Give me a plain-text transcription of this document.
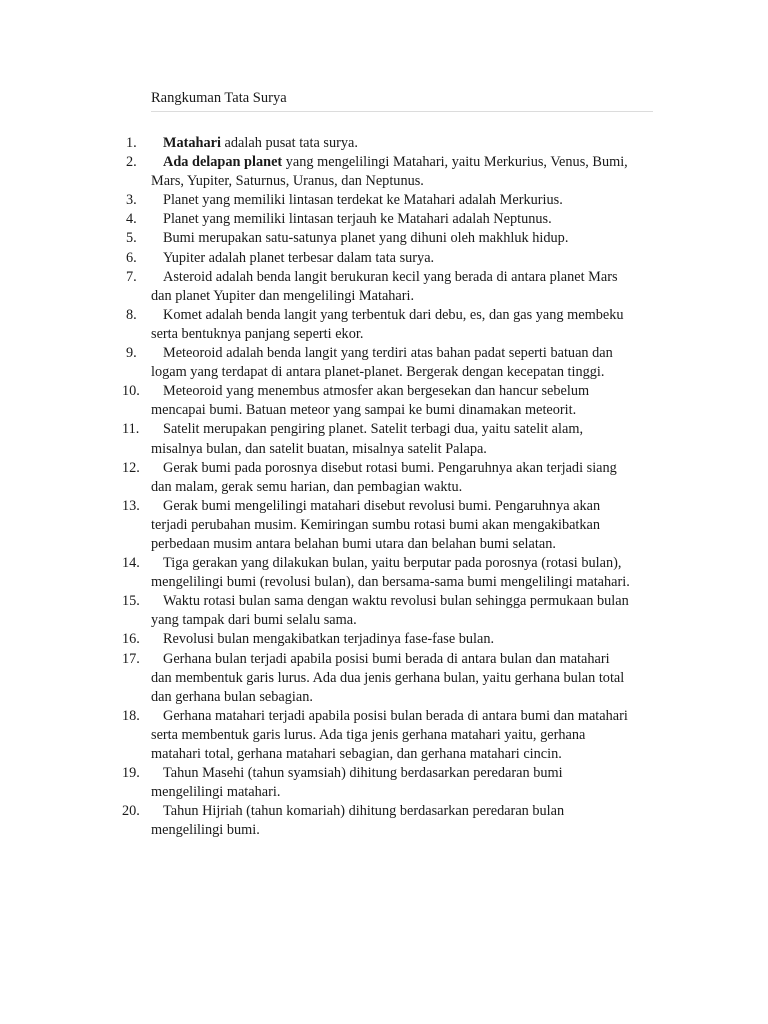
Rangkuman Tata Surya
1.	Matahari adalah pusat tata surya.
2.	Ada delapan planet yang mengelilingi Matahari, yaitu Merkurius, Venus, Bumi, Mars, Yupiter, Saturnus, Uranus, dan Neptunus.
3.	Planet yang memiliki lintasan terdekat ke Matahari adalah Merkurius.
4.	Planet yang memiliki lintasan terjauh ke Matahari adalah Neptunus.
5.	Bumi merupakan satu-satunya planet yang dihuni oleh makhluk hidup.
6.	Yupiter adalah planet terbesar dalam tata surya.
7.	Asteroid adalah benda langit berukuran kecil yang berada di antara planet Mars dan planet Yupiter dan mengelilingi Matahari.
8.	Komet adalah benda langit yang terbentuk dari debu, es, dan gas yang membeku serta bentuknya panjang seperti ekor.
9.	Meteoroid adalah benda langit yang terdiri atas bahan padat seperti batuan dan logam yang terdapat di antara planet-planet. Bergerak dengan kecepatan tinggi.
10.	Meteoroid yang menembus atmosfer akan bergesekan dan hancur sebelum mencapai bumi. Batuan meteor yang sampai ke bumi dinamakan meteorit.
11.	Satelit merupakan pengiring planet. Satelit terbagi dua, yaitu satelit alam, misalnya bulan, dan satelit buatan, misalnya satelit Palapa.
12.	Gerak bumi pada porosnya disebut rotasi bumi. Pengaruhnya akan terjadi siang dan malam, gerak semu harian, dan pembagian waktu.
13.	Gerak bumi mengelilingi matahari disebut revolusi bumi. Pengaruhnya akan terjadi perubahan musim. Kemiringan sumbu rotasi bumi akan mengakibatkan perbedaan musim antara belahan bumi utara dan belahan bumi selatan.
14.	Tiga gerakan yang dilakukan bulan, yaitu berputar pada porosnya (rotasi bulan), mengelilingi bumi (revolusi bulan), dan bersama-sama bumi mengelilingi matahari.
15.	Waktu rotasi bulan sama dengan waktu revolusi bulan sehingga permukaan bulan yang tampak dari bumi selalu sama.
16.	Revolusi bulan mengakibatkan terjadinya fase-fase bulan.
17.	Gerhana bulan terjadi apabila posisi bumi berada di antara bulan dan matahari dan membentuk garis lurus. Ada dua jenis gerhana bulan, yaitu gerhana bulan total dan gerhana bulan sebagian.
18.	Gerhana matahari terjadi apabila posisi bulan berada di antara bumi dan matahari serta membentuk garis lurus. Ada tiga jenis gerhana matahari yaitu, gerhana matahari total, gerhana matahari sebagian, dan gerhana matahari cincin.
19.	Tahun Masehi (tahun syamsiah) dihitung berdasarkan peredaran bumi mengelilingi matahari.
20.	Tahun Hijriah (tahun komariah) dihitung berdasarkan peredaran bulan mengelilingi bumi.
